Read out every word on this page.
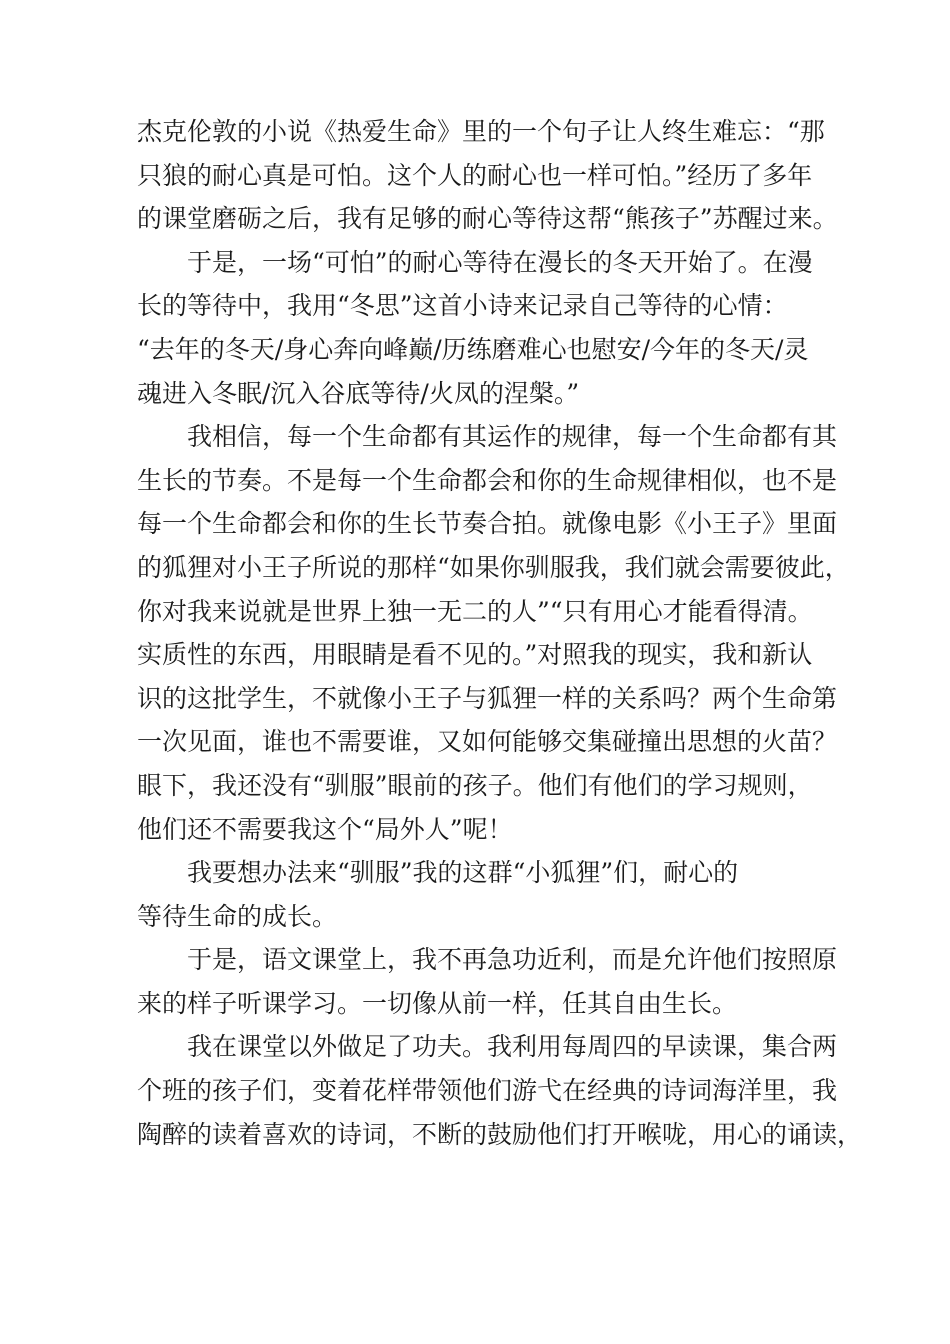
杰克伦敦的小说《热爱生命》里的一个句子让人终生难忘：“那
只狼的耐心真是可怕。这个人的耐心也一样可怕。”经历了多年
的课堂磨砺之后，我有足够的耐心等待这帮“熊孩子”苏醒过来。
于是，一场“可怕”的耐心等待在漫长的冬天开始了。在漫
长的等待中，我用“冬思”这首小诗来记录自己等待的心情：
“去年的冬天/身心奔向峰巅/历练磨难心也慰安/今年的冬天/灵
魂进入冬眠/沉入谷底等待/火凤的涅槃。”
我相信，每一个生命都有其运作的规律，每一个生命都有其
生长的节奏。不是每一个生命都会和你的生命规律相似，也不是
每一个生命都会和你的生长节奏合拍。就像电影《小王子》里面
的狐狸对小王子所说的那样“如果你驯服我，我们就会需要彼此，
你对我来说就是世界上独一无二的人”“只有用心才能看得清。
实质性的东西，用眼睛是看不见的。”对照我的现实，我和新认
识的这批学生，不就像小王子与狐狸一样的关系吗？两个生命第
一次见面，谁也不需要谁，又如何能够交集碰撞出思想的火苗？
眼下，我还没有“驯服”眼前的孩子。他们有他们的学习规则，
他们还不需要我这个“局外人”呢！
我要想办法来“驯服”我的这群“小狐狸”们，耐心的
等待生命的成长。
于是，语文课堂上，我不再急功近利，而是允许他们按照原
来的样子听课学习。一切像从前一样，任其自由生长。
我在课堂以外做足了功夫。我利用每周四的早读课，集合两
个班的孩子们，变着花样带领他们游弋在经典的诗词海洋里，我
陶醉的读着喜欢的诗词，不断的鼓励他们打开喉咙，用心的诵读，
